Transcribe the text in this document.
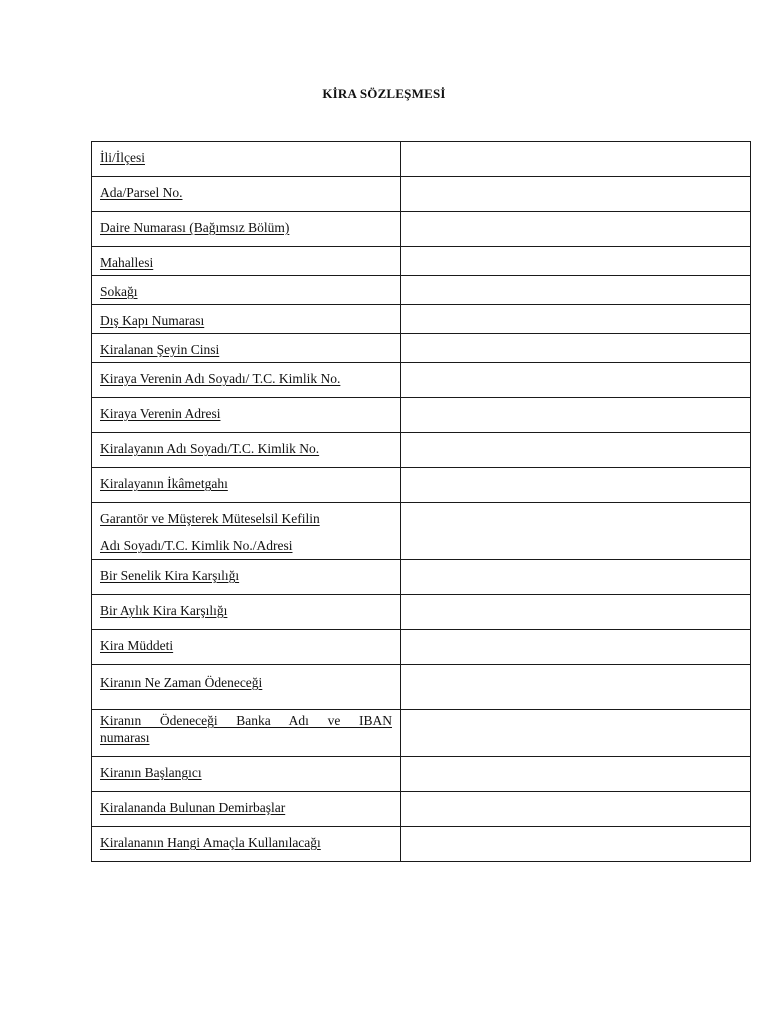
KİRA SÖZLEŞMESİ
İli/İlçesi	

Ada/Parsel No.	

Daire Numarası (Bağımsız Bölüm)	

Mahallesi	

Sokağı	

Dış Kapı Numarası	

Kiralanan Şeyin Cinsi	

Kiraya Verenin Adı Soyadı/ T.C. Kimlik No.	

Kiraya Verenin Adresi	

Kiralayanın Adı Soyadı/T.C. Kimlik No.	

Kiralayanın İkâmetgahı	

Garantör ve Müşterek Müteselsil Kefilin
Adı Soyadı/T.C. Kimlik No./Adresi	

Bir Senelik Kira Karşılığı	

Bir Aylık Kira Karşılığı	

Kira Müddeti	

Kiranın Ne Zaman Ödeneceği	

Kiranın Ödeneceği Banka Adı ve IBAN
numarası	

Kiranın Başlangıcı	

Kiralananda Bulunan Demirbaşlar	

Kiralananın Hangi Amaçla Kullanılacağı	
